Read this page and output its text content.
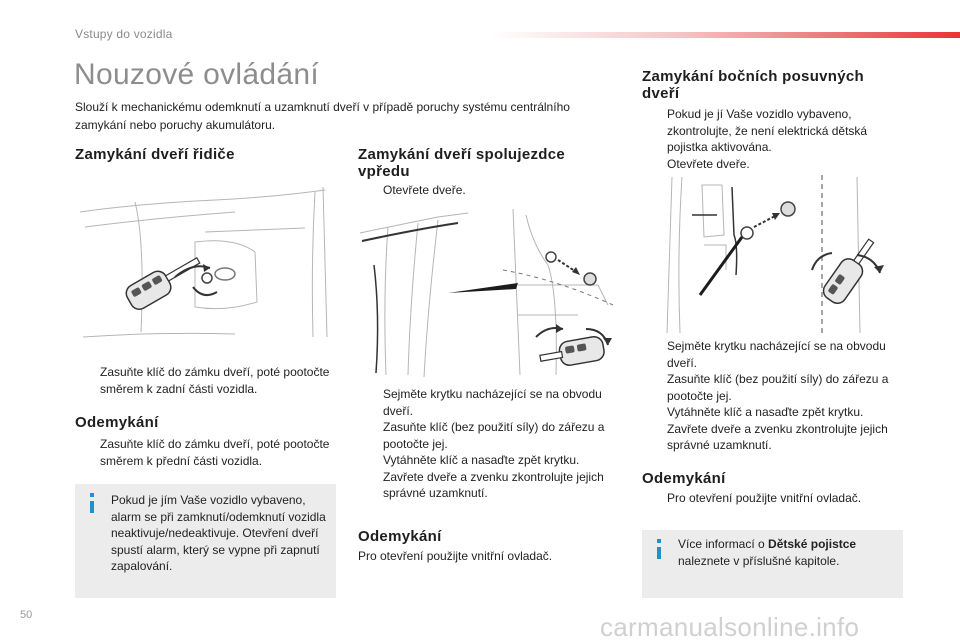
Vstupy do vozidla
Nouzové ovládání
Slouží k mechanickému odemknutí a uzamknutí dveří v případě poruchy systému centrálního zamykání nebo poruchy akumulátoru.
Zamykání dveří řidiče
Zasuňte klíč do zámku dveří, poté pootočte směrem k zadní části vozidla.
Odemykání
Zasuňte klíč do zámku dveří, poté pootočte směrem k přední části vozidla.
Pokud je jím Vaše vozidlo vybaveno, alarm se při zamknutí/odemknutí vozidla neaktivuje/nedeaktivuje. Otevření dveří spustí alarm, který se vypne při zapnutí zapalování.
Zamykání dveří spolujezdce vpředu
Otevřete dveře.
Sejměte krytku nacházející se na obvodu dveří.
Zasuňte klíč (bez použití síly) do zářezu a pootočte jej.
Vytáhněte klíč a nasaďte zpět krytku.
Zavřete dveře a zvenku zkontrolujte jejich správné uzamknutí.
Odemykání
Pro otevření použijte vnitřní ovladač.
Zamykání bočních posuvných dveří
Pokud je jí Vaše vozidlo vybaveno, zkontrolujte, že není elektrická dětská pojistka aktivována.
Otevřete dveře.
Sejměte krytku nacházející se na obvodu dveří.
Zasuňte klíč (bez použití síly) do zářezu a pootočte jej.
Vytáhněte klíč a nasaďte zpět krytku.
Zavřete dveře a zvenku zkontrolujte jejich správné uzamknutí.
Odemykání
Pro otevření použijte vnitřní ovladač.
Více informací o Dětské pojistce
naleznete v příslušné kapitole.
50	carmanualsonline.info
